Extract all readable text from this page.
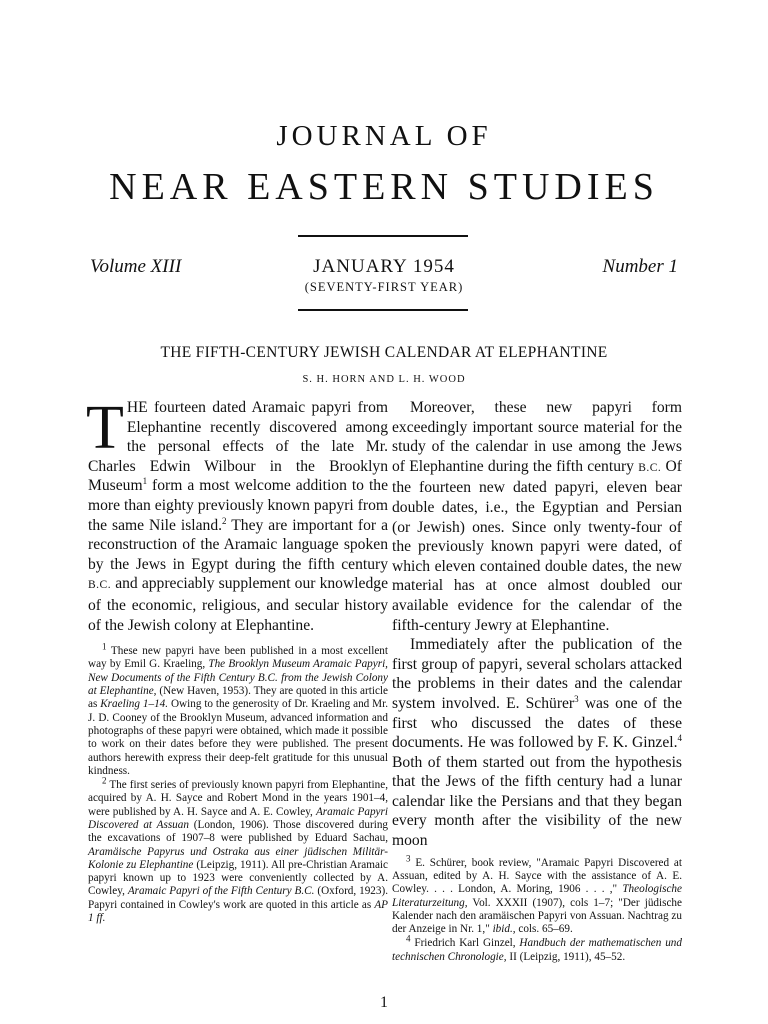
JOURNAL OF
NEAR EASTERN STUDIES
Volume XIII	JANUARY 1954	Number 1
(SEVENTY-FIRST YEAR)
THE FIFTH-CENTURY JEWISH CALENDAR AT ELEPHANTINE
S. H. HORN AND L. H. WOOD

THE fourteen dated Aramaic papyri from Elephantine recently discovered among the personal effects of the late Mr. Charles Edwin Wilbour in the Brooklyn Museum$^1$ form a most welcome addition to the more than eighty previously known papyri from the same Nile island.$^2$ They are important for a reconstruction of the Aramaic language spoken by the Jews in Egypt during the fifth century B.C. and appreciably supplement our knowledge of the economic, religious, and secular history of the Jewish colony at Elephantine.

$^1$ These new papyri have been published in a most excellent way by Emil G. Kraeling, The Brooklyn Museum Aramaic Papyri, New Documents of the Fifth Century B.C. from the Jewish Colony at Elephantine, (New Haven, 1953). They are quoted in this article as Kraeling 1–14. Owing to the generosity of Dr. Kraeling and Mr. J. D. Cooney of the Brooklyn Museum, advanced information and photographs of these papyri were obtained, which made it possible to work on their dates before they were published. The present authors herewith express their deep-felt gratitude for this unusual kindness.

$^2$ The first series of previously known papyri from Elephantine, acquired by A. H. Sayce and Robert Mond in the years 1901–4, were published by A. H. Sayce and A. E. Cowley, Aramaic Papyri Discovered at Assuan (London, 1906). Those discovered during the excavations of 1907–8 were published by Eduard Sachau, Aramäische Papyrus und Ostraka aus einer jüdischen Militär-Kolonie zu Elephantine (Leipzig, 1911). All pre-Christian Aramaic papyri known up to 1923 were conveniently collected by A. Cowley, Aramaic Papyri of the Fifth Century B.C. (Oxford, 1923). Papyri contained in Cowley's work are quoted in this article as AP 1 ff.

Moreover, these new papyri form exceedingly important source material for the study of the calendar in use among the Jews of Elephantine during the fifth century B.C. Of the fourteen new dated papyri, eleven bear double dates, i.e., the Egyptian and Persian (or Jewish) ones. Since only twenty-four of the previously known papyri were dated, of which eleven contained double dates, the new material has at once almost doubled our available evidence for the calendar of the fifth-century Jewry at Elephantine.

Immediately after the publication of the first group of papyri, several scholars attacked the problems in their dates and the calendar system involved. E. Schürer$^3$ was one of the first who discussed the dates of these documents. He was followed by F. K. Ginzel.$^4$ Both of them started out from the hypothesis that the Jews of the fifth century had a lunar calendar like the Persians and that they began every month after the visibility of the new moon

$^3$ E. Schürer, book review, "Aramaic Papyri Discovered at Assuan, edited by A. H. Sayce with the assistance of A. E. Cowley. . . . London, A. Moring, 1906 . . . ," Theologische Literaturzeitung, Vol. XXXII (1907), cols 1–7; "Der jüdische Kalender nach den aramäischen Papyri von Assuan. Nachtrag zu der Anzeige in Nr. 1," ibid., cols. 65–69.

$^4$ Friedrich Karl Ginzel, Handbuch der mathematischen und technischen Chronologie, II (Leipzig, 1911), 45–52.

1
